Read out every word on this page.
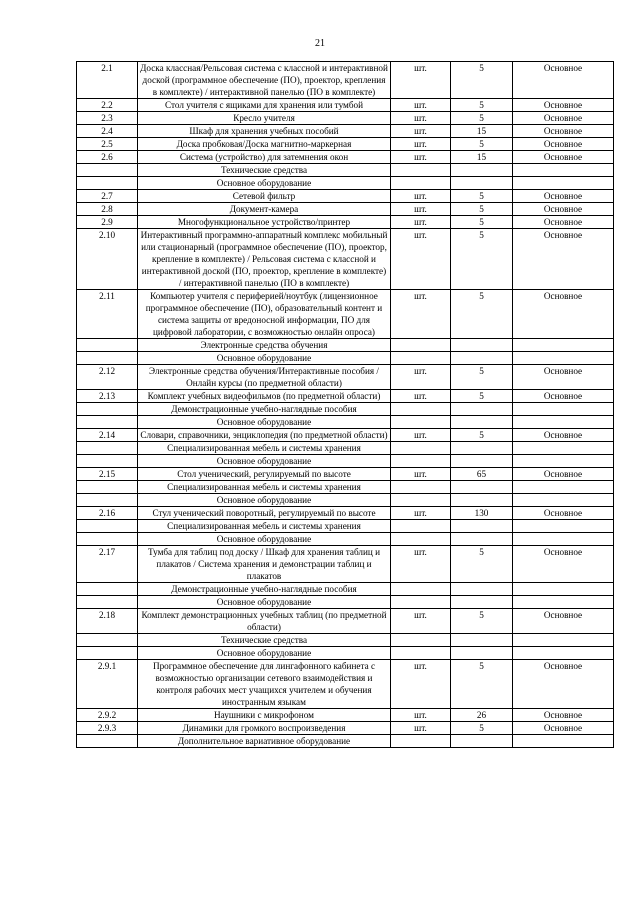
21
2.1	Доска классная/Рельсовая система с классной и интерактивной доской (программное обеспечение (ПО), проектор, крепления в комплекте) / интерактивной панелью (ПО в комплекте)	шт.	5	Основное
2.2	Стол учителя с ящиками для хранения или тумбой	шт.	5	Основное
2.3	Кресло учителя	шт.	5	Основное
2.4	Шкаф для хранения учебных пособий	шт.	15	Основное
2.5	Доска пробковая/Доска магнитно-маркерная	шт.	5	Основное
2.6	Система (устройство) для затемнения окон	шт.	15	Основное
	Технические средства			
	Основное оборудование			
2.7	Сетевой фильтр	шт.	5	Основное
2.8	Документ-камера	шт.	5	Основное
2.9	Многофункциональное устройство/принтер	шт.	5	Основное
2.10	Интерактивный программно-аппаратный комплекс мобильный или стационарный (программное обеспечение (ПО), проектор, крепление в комплекте) / Рельсовая система с классной и интерактивной доской (ПО, проектор, крепление в комплекте) / интерактивной панелью (ПО в комплекте)	шт.	5	Основное
2.11	Компьютер учителя с периферией/ноутбук (лицензионное программное обеспечение (ПО), образовательный контент и система защиты от вредоносной информации, ПО для цифровой лаборатории, с возможностью онлайн опроса)	шт.	5	Основное
	Электронные средства обучения			
	Основное оборудование			
2.12	Электронные средства обучения/Интерактивные пособия / Онлайн курсы (по предметной области)	шт.	5	Основное
2.13	Комплект учебных видеофильмов (по предметной области)	шт.	5	Основное
	Демонстрационные учебно-наглядные пособия			
	Основное оборудование			
2.14	Словари, справочники, энциклопедия (по предметной области)	шт.	5	Основное
	Специализированная мебель и системы хранения			
	Основное оборудование			
2.15	Стол ученический, регулируемый по высоте	шт.	65	Основное
	Специализированная мебель и системы хранения			
	Основное оборудование			
2.16	Стул ученический поворотный, регулируемый по высоте	шт.	130	Основное
	Специализированная мебель и системы хранения			
	Основное оборудование			
2.17	Тумба для таблиц под доску / Шкаф для хранения таблиц и плакатов / Система хранения и демонстрации таблиц и плакатов	шт.	5	Основное
	Демонстрационные учебно-наглядные пособия			
	Основное оборудование			
2.18	Комплект демонстрационных учебных таблиц (по предметной области)	шт.	5	Основное
	Технические средства			
	Основное оборудование			
2.9.1	Программное обеспечение для лингафонного кабинета с возможностью организации сетевого взаимодействия и контроля рабочих мест учащихся учителем и обучения иностранным языкам	шт.	5	Основное
2.9.2	Наушники с микрофоном	шт.	26	Основное
2.9.3	Динамики для громкого воспроизведения	шт.	5	Основное
	Дополнительное вариативное оборудование			
